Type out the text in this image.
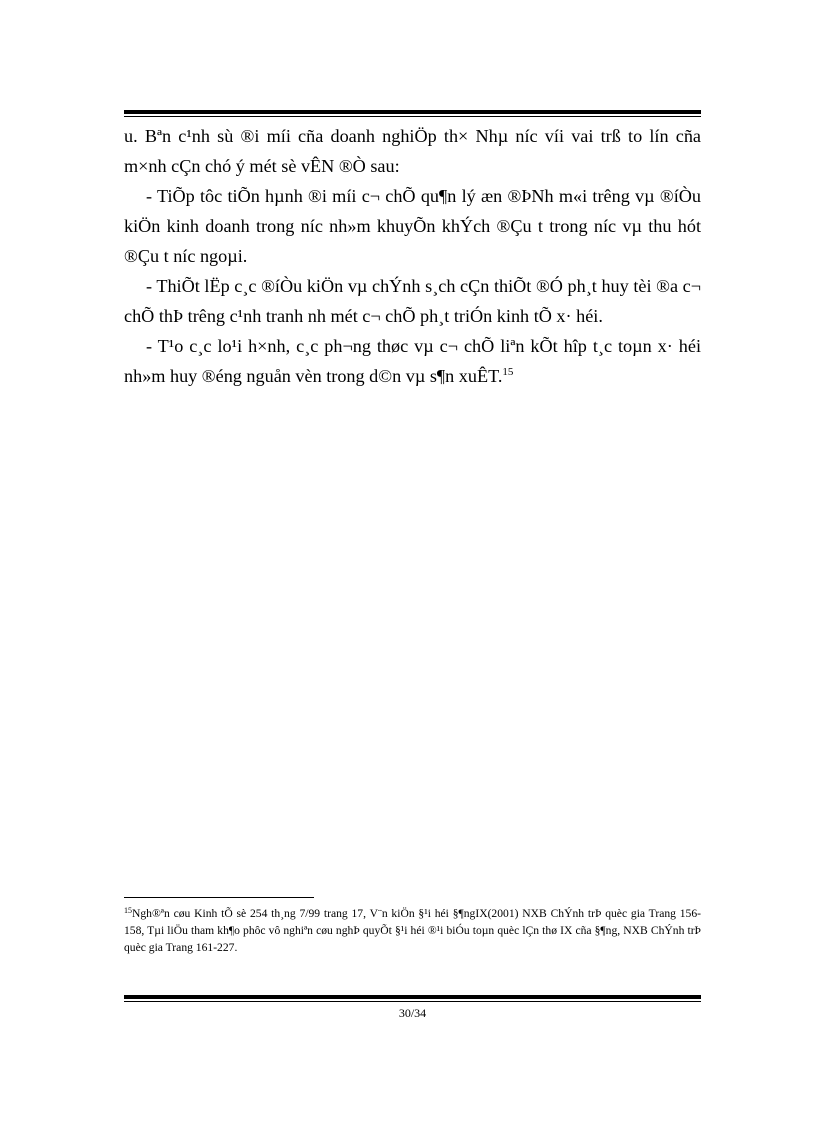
u. Bªn c¹nh sù ®i míi cña doanh nghiÖp th× Nhµ níc víi vai trß to lín cña m×nh cÇn chó ý mét sè vÊN ®Ò sau:

- TiÕp tôc tiÕn hµnh ®i míi c¬ chÕ qu¶n lý æn ®ÞNh m«i trêng vµ ®íÒu kiÖn kinh doanh trong níc nh»m khuyÕn khÝch ®Çu t trong níc vµ thu hót ®Çu t níc ngoµi.

- ThiÕt lËp c¸c ®íÒu kiÖn vµ chÝnh s¸ch cÇn thiÕt ®Ó ph¸t huy tèi ®a c¬ chÕ thÞ trêng c¹nh tranh nh mét c¬ chÕ ph¸t triÓn kinh tÕ x· héi.

- T¹o c¸c lo¹i h×nh, c¸c ph¬ng thøc vµ c¬ chÕ liªn kÕt hîp t¸c toµn x· héi nh»m huy ®éng nguån vèn trong d©n vµ s¶n xuÊT.$^{15}$

$^{15}$Ngh®ªn cøu Kinh tÕ sè 254 th¸ng 7/99 trang 17, V¨n kiÖn §¹i héi §¶ngIX(2001) NXB ChÝnh trÞ quèc gia Trang 156-158, Tµi liÖu tham kh¶o phôc vô nghiªn cøu nghÞ quyÕt §¹i héi ®¹i biÓu toµn quèc lÇn thø IX cña §¶ng, NXB ChÝnh trÞ quèc gia Trang 161-227.
30/34
